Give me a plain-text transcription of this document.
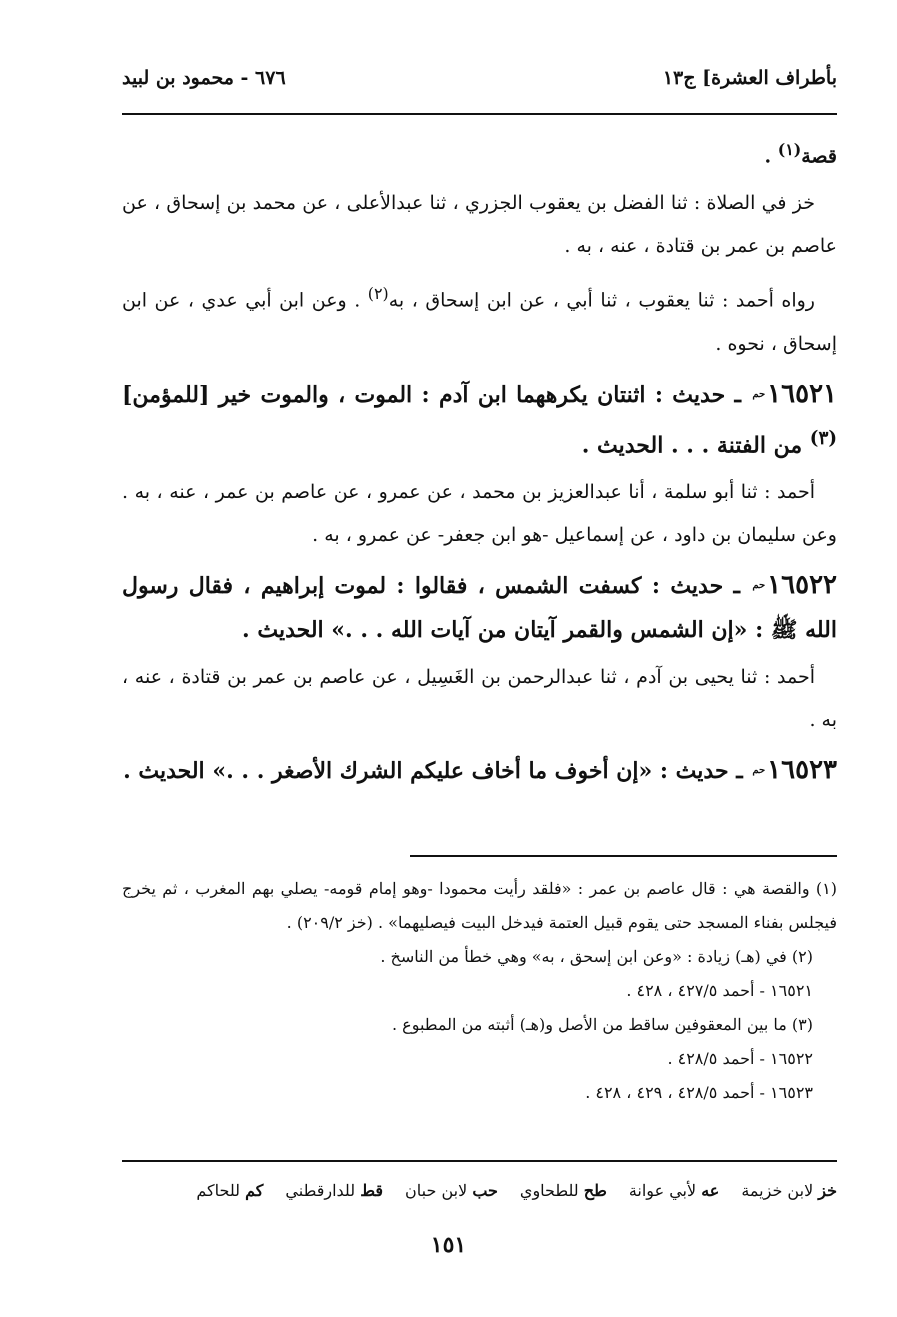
بأطراف العشرة] ج١٣
٦٧٦ - محمود بن لبيد

قصة$^{(١)}$ .

خز في الصلاة : ثنا الفضل بن يعقوب الجزري ، ثنا عبدالأعلى ، عن محمد بن إسحاق ، عن عاصم بن عمر بن قتادة ، عنه ، به .

رواه أحمد : ثنا يعقوب ، ثنا أبي ، عن ابن إسحاق ، به$^{(٢)}$ . وعن ابن أبي عدي ، عن ابن إسحاق ، نحوه .

١٦٥٢١حم ـ حديث : اثنتان يكرههما ابن آدم : الموت ، والموت خير [للمؤمن]$^{(٣)}$ من الفتنة . . . الحديث .

أحمد : ثنا أبو سلمة ، أنا عبدالعزيز بن محمد ، عن عمرو ، عن عاصم بن عمر ، عنه ، به . وعن سليمان بن داود ، عن إسماعيل -هو ابن جعفر- عن عمرو ، به .

١٦٥٢٢حم ـ حديث : كسفت الشمس ، فقالوا : لموت إبراهيم ، فقال رسول الله ﷺ : «إن الشمس والقمر آيتان من آيات الله . . .» الحديث .

أحمد : ثنا يحيى بن آدم ، ثنا عبدالرحمن بن الغَسِيل ، عن عاصم بن عمر بن قتادة ، عنه ، به .

١٦٥٢٣حم ـ حديث : «إن أخوف ما أخاف عليكم الشرك الأصغر . . .» الحديث .

(١) والقصة هي : قال عاصم بن عمر : «فلقد رأيت محمودا -وهو إمام قومه- يصلي بهم المغرب ، ثم يخرج فيجلس بفناء المسجد حتى يقوم قبيل العتمة فيدخل البيت فيصليهما» . (خز ٢٠٩/٢) .

(٢) في (هـ) زيادة : «وعن ابن إسحق ، به» وهي خطأ من الناسخ .

١٦٥٢١ - أحمد ٤٢٧/٥ ، ٤٢٨ .

(٣) ما بين المعقوفين ساقط من الأصل و(هـ) أثبته من المطبوع .

١٦٥٢٢ - أحمد ٤٢٨/٥ .

١٦٥٢٣ - أحمد ٤٢٨/٥ ، ٤٢٩ ، ٤٢٨ .

خز لابن خزيمة
عه لأبي عوانة
طح للطحاوي
حب لابن حبان
قط للدارقطني
كم للحاكم
١٥١
